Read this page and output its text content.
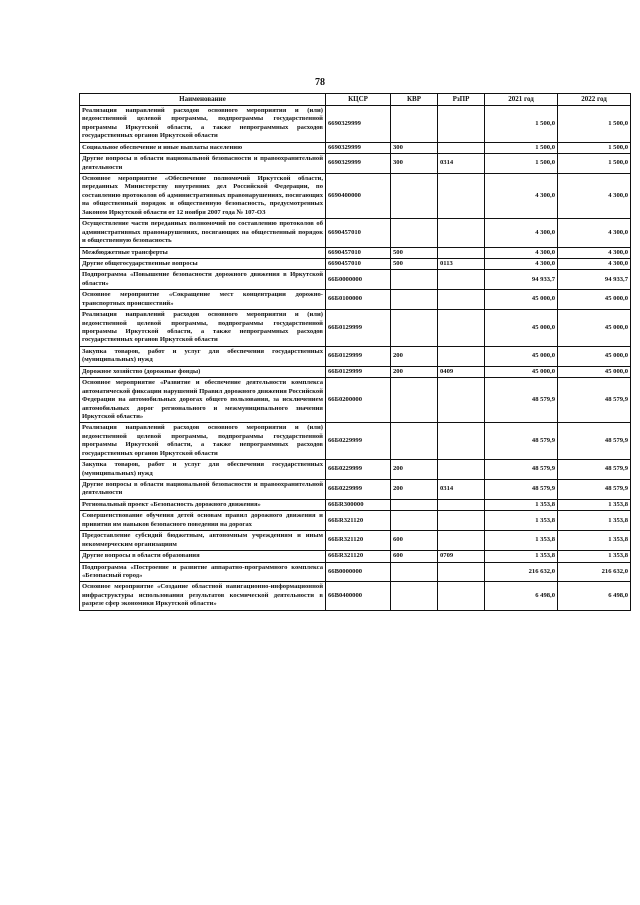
78
Наименование	КЦСР	КВР	РзПР	2021 год	2022 год
Реализация направлений расходов основного мероприятия и (или) ведомственной целевой программы, подпрограммы государственной программы Иркутской области, а также непрограммных расходов государственных органов Иркутской области	6690329999			1 500,0	1 500,0
Социальное обеспечение и иные выплаты населению	6690329999	300		1 500,0	1 500,0
Другие вопросы в области национальной безопасности и правоохранительной деятельности	6690329999	300	0314	1 500,0	1 500,0
Основное мероприятие «Обеспечение полномочий Иркутской области, переданных Министерству внутренних дел Российской Федерации, по составлению протоколов об административных правонарушениях, посягающих на общественный порядок и общественную безопасность, предусмотренных Законом Иркутской области от 12 ноября 2007 года № 107-ОЗ	6690400000			4 300,0	4 300,0
Осуществление части переданных полномочий по составлению протоколов об административных правонарушениях, посягающих на общественный порядок и общественную безопасность	6690457010			4 300,0	4 300,0
Межбюджетные трансферты	6690457010	500		4 300,0	4 300,0
Другие общегосударственные вопросы	6690457010	500	0113	4 300,0	4 300,0
Подпрограмма «Повышение безопасности дорожного движения в Иркутской области»	66Б0000000			94 933,7	94 933,7
Основное мероприятие «Сокращение мест концентрации дорожно-транспортных происшествий»	66Б0100000			45 000,0	45 000,0
Реализация направлений расходов основного мероприятия и (или) ведомственной целевой программы, подпрограммы государственной программы Иркутской области, а также непрограммных расходов государственных органов Иркутской области	66Б0129999			45 000,0	45 000,0
Закупка товаров, работ и услуг для обеспечения государственных (муниципальных) нужд	66Б0129999	200		45 000,0	45 000,0
Дорожное хозяйство (дорожные фонды)	66Б0129999	200	0409	45 000,0	45 000,0
Основное мероприятие «Развитие и обеспечение деятельности комплекса автоматической фиксации нарушений Правил дорожного движения Российской Федерации на автомобильных дорогах общего пользования, за исключением автомобильных дорог регионального и межмуниципального значения Иркутской области»	66Б0200000			48 579,9	48 579,9
Реализация направлений расходов основного мероприятия и (или) ведомственной целевой программы, подпрограммы государственной программы Иркутской области, а также непрограммных расходов государственных органов Иркутской области	66Б0229999			48 579,9	48 579,9
Закупка товаров, работ и услуг для обеспечения государственных (муниципальных) нужд	66Б0229999	200		48 579,9	48 579,9
Другие вопросы в области национальной безопасности и правоохранительной деятельности	66Б0229999	200	0314	48 579,9	48 579,9
Региональный проект «Безопасность дорожного движения»	66БR300000			1 353,8	1 353,8
Совершенствование обучения детей основам правил дорожного движения и привития им навыков безопасного поведения на дорогах	66БR321120			1 353,8	1 353,8
Предоставление субсидий бюджетным, автономным учреждениям и иным некоммерческим организациям	66БR321120	600		1 353,8	1 353,8
Другие вопросы в области образования	66БR321120	600	0709	1 353,8	1 353,8
Подпрограмма «Построение и развитие аппаратно-программного комплекса «Безопасный город»	66В0000000			216 632,0	216 632,0
Основное мероприятие «Создание областной навигационно-информационной инфраструктуры использования результатов космической деятельности в разрезе сфер экономики Иркутской области»	66В0400000			6 498,0	6 498,0
